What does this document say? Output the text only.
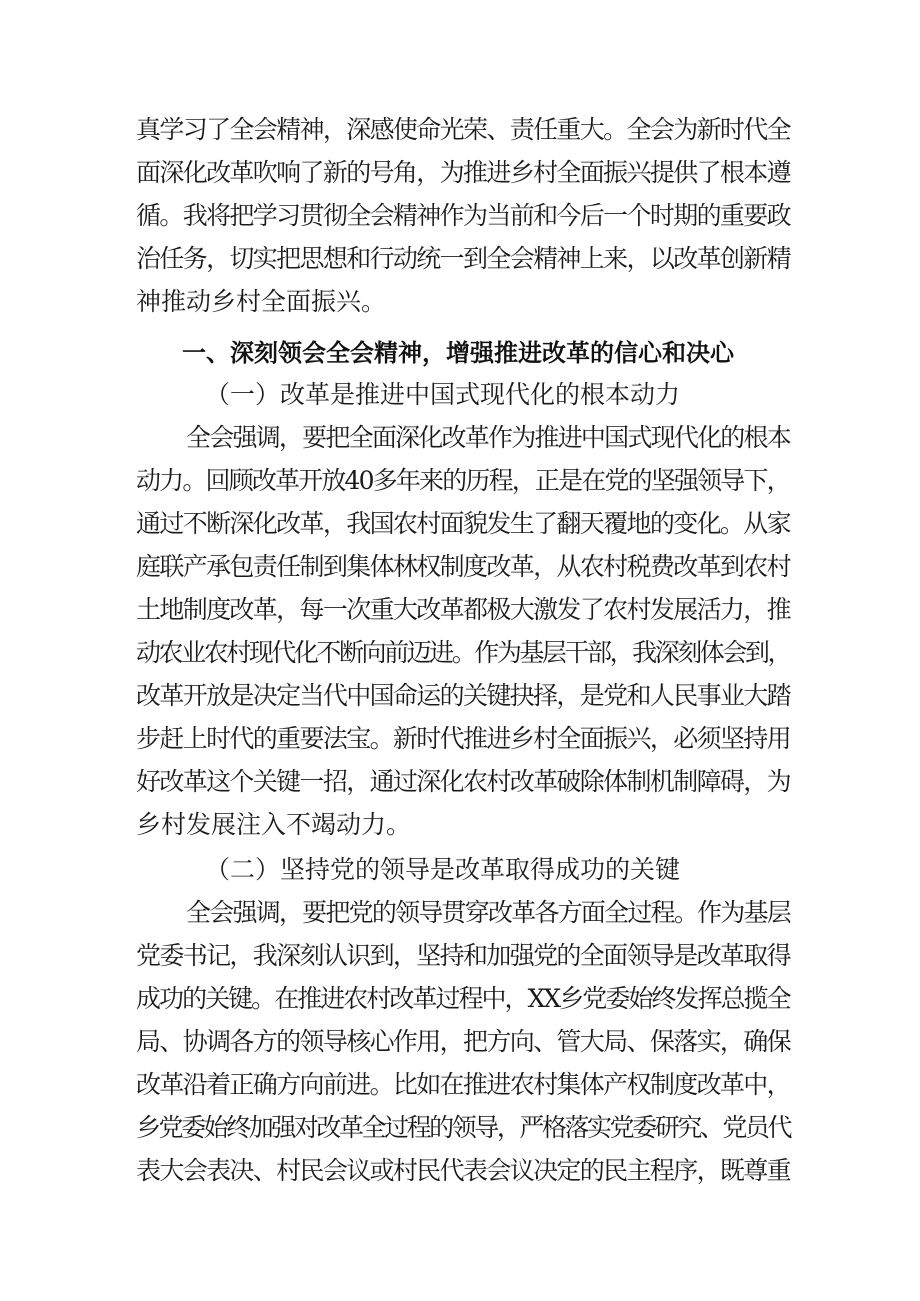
真学习了全会精神，深感使命光荣、责任重大。全会为新时代全
面深化改革吹响了新的号角，为推进乡村全面振兴提供了根本遵
循。我将把学习贯彻全会精神作为当前和今后一个时期的重要政
治任务，切实把思想和行动统一到全会精神上来，以改革创新精
神推动乡村全面振兴。
一、深刻领会全会精神，增强推进改革的信心和决心
（一）改革是推进中国式现代化的根本动力
全会强调，要把全面深化改革作为推进中国式现代化的根本
动力。回顾改革开放40多年来的历程，正是在党的坚强领导下，
通过不断深化改革，我国农村面貌发生了翻天覆地的变化。从家
庭联产承包责任制到集体林权制度改革，从农村税费改革到农村
土地制度改革，每一次重大改革都极大激发了农村发展活力，推
动农业农村现代化不断向前迈进。作为基层干部，我深刻体会到，
改革开放是决定当代中国命运的关键抉择，是党和人民事业大踏
步赶上时代的重要法宝。新时代推进乡村全面振兴，必须坚持用
好改革这个关键一招，通过深化农村改革破除体制机制障碍，为
乡村发展注入不竭动力。
（二）坚持党的领导是改革取得成功的关键
全会强调，要把党的领导贯穿改革各方面全过程。作为基层
党委书记，我深刻认识到，坚持和加强党的全面领导是改革取得
成功的关键。在推进农村改革过程中，XX乡党委始终发挥总揽全
局、协调各方的领导核心作用，把方向、管大局、保落实，确保
改革沿着正确方向前进。比如在推进农村集体产权制度改革中，
乡党委始终加强对改革全过程的领导，严格落实党委研究、党员代
表大会表决、村民会议或村民代表会议决定的民主程序，既尊重
